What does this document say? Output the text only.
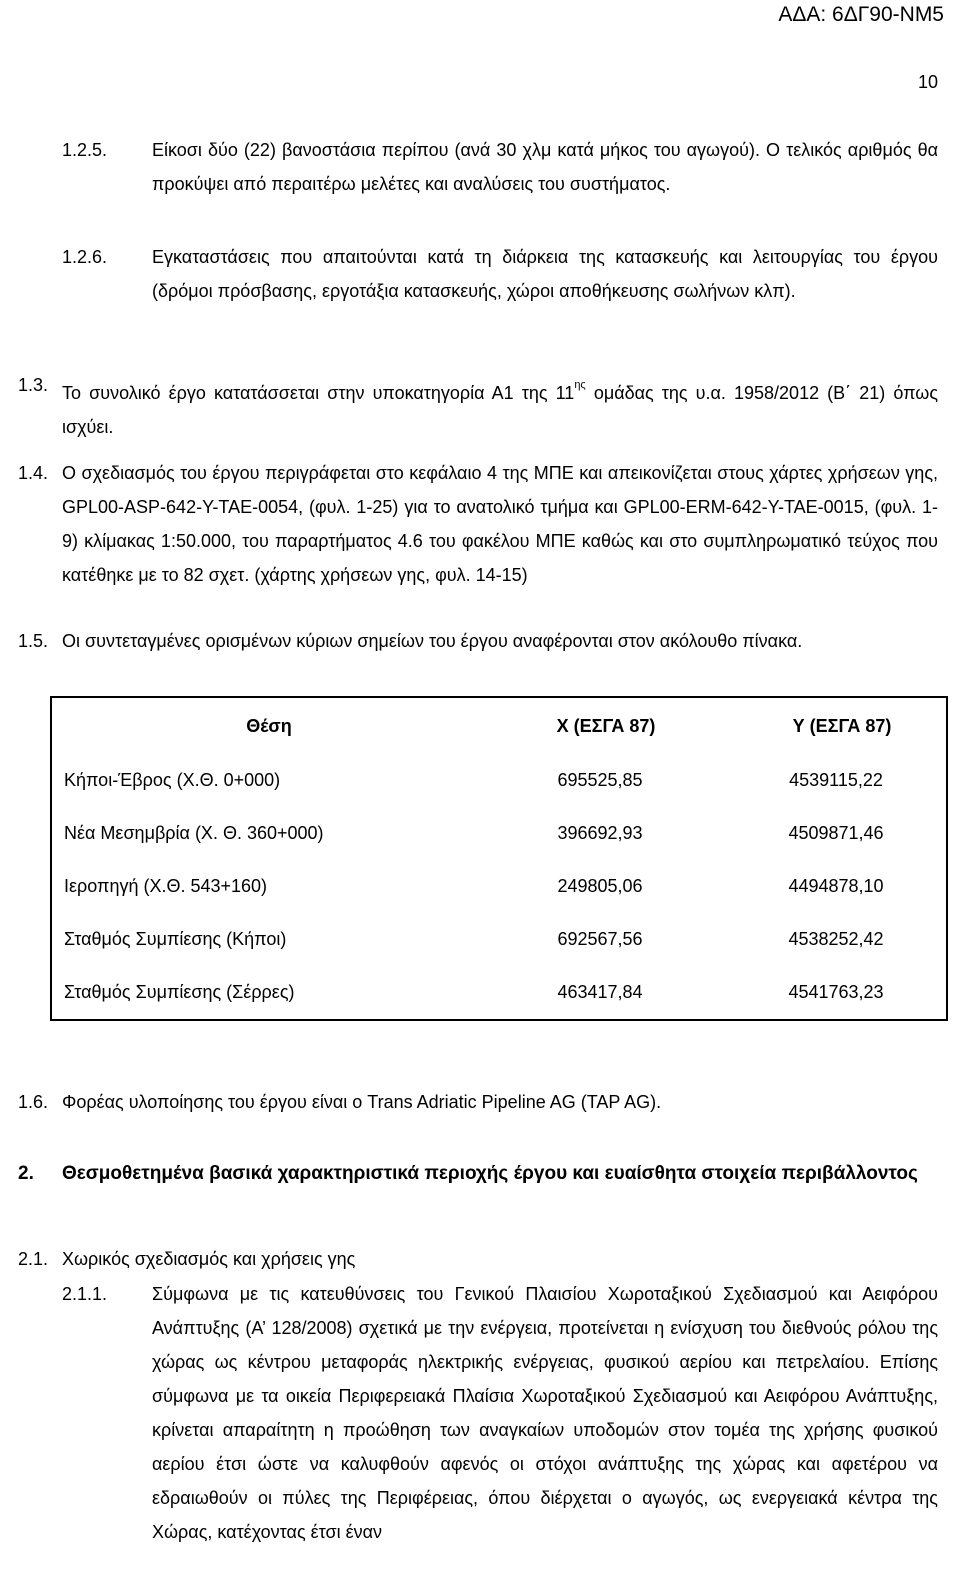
ΑΔΑ: 6ΔΓ90-ΝΜ5
10
1.2.5. Είκοσι δύο (22) βανοστάσια περίπου (ανά 30 χλμ κατά μήκος του αγωγού). Ο τελικός αριθμός θα προκύψει από περαιτέρω μελέτες και αναλύσεις του συστήματος.
1.2.6. Εγκαταστάσεις που απαιτούνται κατά τη διάρκεια της κατασκευής και λειτουργίας του έργου (δρόμοι πρόσβασης, εργοτάξια κατασκευής, χώροι αποθήκευσης σωλήνων κλπ).
1.3. Το συνολικό έργο κατατάσσεται στην υποκατηγορία Α1 της $11^{\eta\varsigma}$ ομάδας της υ.α. 1958/2012 (Β΄ 21) όπως ισχύει.
1.4. Ο σχεδιασμός του έργου περιγράφεται στο κεφάλαιο 4 της ΜΠΕ και απεικονίζεται στους χάρτες χρήσεων γης, GPL00-ASP-642-Y-TAE-0054, (φυλ. 1-25) για το ανατολικό τμήμα και GPL00-ERM-642-Y-TAE-0015, (φυλ. 1-9) κλίμακας 1:50.000, του παραρτήματος 4.6 του φακέλου ΜΠΕ καθώς και στο συμπληρωματικό τεύχος που κατέθηκε με το 82 σχετ. (χάρτης χρήσεων γης, φυλ. 14-15)
1.5. Οι συντεταγμένες ορισμένων κύριων σημείων του έργου αναφέρονται στον ακόλουθο πίνακα.
Θέση	Χ (ΕΣΓΑ 87)	Υ (ΕΣΓΑ 87)
Κήποι-Έβρος (Χ.Θ. 0+000)	695525,85	4539115,22
Νέα Μεσημβρία (Χ. Θ. 360+000)	396692,93	4509871,46
Ιεροπηγή (Χ.Θ. 543+160)	249805,06	4494878,10
Σταθμός Συμπίεσης (Κήποι)	692567,56	4538252,42
Σταθμός Συμπίεσης (Σέρρες)	463417,84	4541763,23
1.6. Φορέας υλοποίησης του έργου είναι ο Trans Adriatic Pipeline AG (TAP AG).
2. Θεσμοθετημένα βασικά χαρακτηριστικά περιοχής έργου και ευαίσθητα στοιχεία περιβάλλοντος
2.1. Χωρικός σχεδιασμός και χρήσεις γης
2.1.1. Σύμφωνα με τις κατευθύνσεις του Γενικού Πλαισίου Χωροταξικού Σχεδιασμού και Αειφόρου Ανάπτυξης (Α’ 128/2008) σχετικά με την ενέργεια, προτείνεται η ενίσχυση του διεθνούς ρόλου της χώρας ως κέντρου μεταφοράς ηλεκτρικής ενέργειας, φυσικού αερίου και πετρελαίου. Επίσης σύμφωνα με τα οικεία Περιφερειακά Πλαίσια Χωροταξικού Σχεδιασμού και Αειφόρου Ανάπτυξης, κρίνεται απαραίτητη η προώθηση των αναγκαίων υποδομών στον τομέα της χρήσης φυσικού αερίου έτσι ώστε να καλυφθούν αφενός οι στόχοι ανάπτυξης της χώρας και αφετέρου να εδραιωθούν οι πύλες της Περιφέρειας, όπου διέρχεται ο αγωγός, ως ενεργειακά κέντρα της Χώρας, κατέχοντας έτσι έναν
